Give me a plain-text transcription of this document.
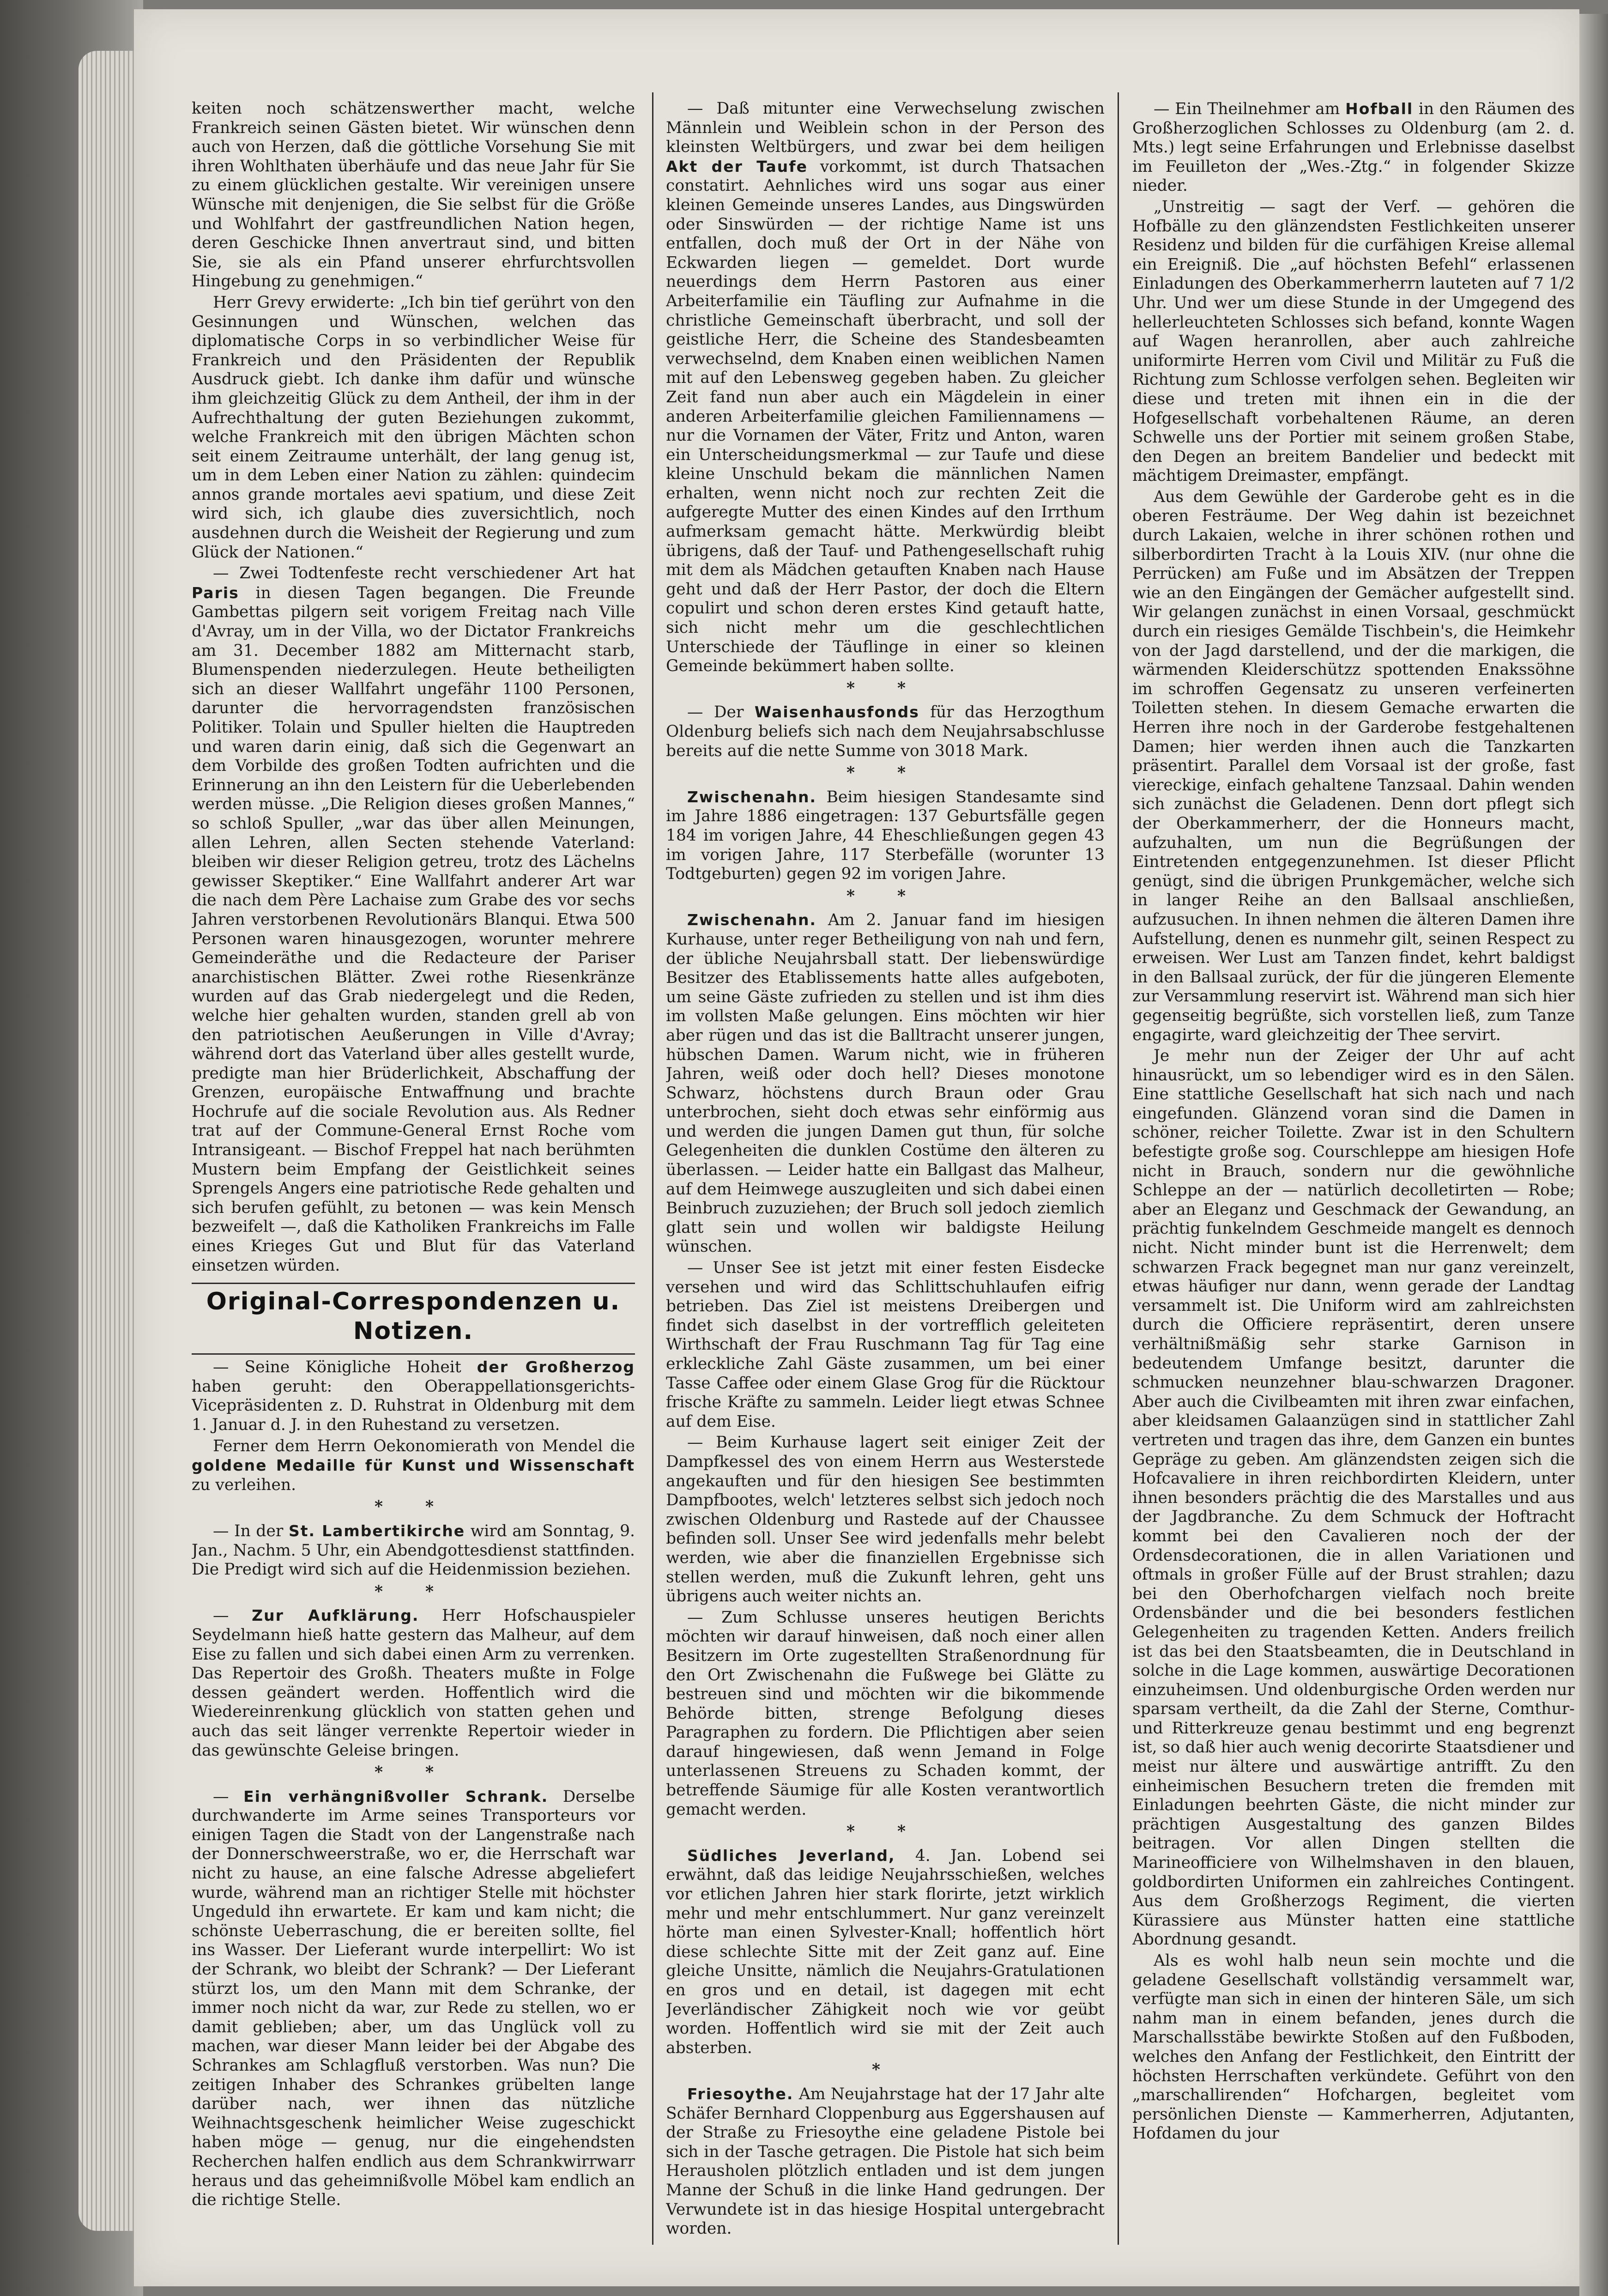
keiten noch schätzenswerther macht, welche Frankreich seinen Gästen bietet. Wir wünschen denn auch von Herzen, daß die göttliche Vorsehung Sie mit ihren Wohlthaten überhäufe und das neue Jahr für Sie zu einem glücklichen gestalte. Wir vereinigen unsere Wünsche mit denjenigen, die Sie selbst für die Größe und Wohlfahrt der gastfreundlichen Nation hegen, deren Geschicke Ihnen anvertraut sind, und bitten Sie, sie als ein Pfand unserer ehrfurchtsvollen Hingebung zu genehmigen.“

Herr Grevy erwiderte: „Ich bin tief gerührt von den Gesinnungen und Wünschen, welchen das diplomatische Corps in so verbindlicher Weise für Frankreich und den Präsidenten der Republik Ausdruck giebt. Ich danke ihm dafür und wünsche ihm gleichzeitig Glück zu dem Antheil, der ihm in der Aufrechthaltung der guten Beziehungen zukommt, welche Frankreich mit den übrigen Mächten schon seit einem Zeitraume unterhält, der lang genug ist, um in dem Leben einer Nation zu zählen: quindecim annos grande mortales aevi spatium, und diese Zeit wird sich, ich glaube dies zuversichtlich, noch ausdehnen durch die Weisheit der Regierung und zum Glück der Nationen.“

— Zwei Todtenfeste recht verschiedener Art hat Paris in diesen Tagen begangen. Die Freunde Gambettas pilgern seit vorigem Freitag nach Ville d'Avray, um in der Villa, wo der Dictator Frankreichs am 31. December 1882 am Mitternacht starb, Blumenspenden niederzulegen. Heute betheiligten sich an dieser Wallfahrt ungefähr 1100 Personen, darunter die hervorragendsten französischen Politiker. Tolain und Spuller hielten die Hauptreden und waren darin einig, daß sich die Gegenwart an dem Vorbilde des großen Todten aufrichten und die Erinnerung an ihn den Leistern für die Ueberlebenden werden müsse. „Die Religion dieses großen Mannes,“ so schloß Spuller, „war das über allen Meinungen, allen Lehren, allen Secten stehende Vaterland: bleiben wir dieser Religion getreu, trotz des Lächelns gewisser Skeptiker.“ Eine Wallfahrt anderer Art war die nach dem Père Lachaise zum Grabe des vor sechs Jahren verstorbenen Revolutionärs Blanqui. Etwa 500 Personen waren hinausgezogen, worunter mehrere Gemeinderäthe und die Redacteure der Pariser anarchistischen Blätter. Zwei rothe Riesenkränze wurden auf das Grab niedergelegt und die Reden, welche hier gehalten wurden, standen grell ab von den patriotischen Aeußerungen in Ville d'Avray; während dort das Vaterland über alles gestellt wurde, predigte man hier Brüderlichkeit, Abschaffung der Grenzen, europäische Entwaffnung und brachte Hochrufe auf die sociale Revolution aus. Als Redner trat auf der Commune-General Ernst Roche vom Intransigeant. — Bischof Freppel hat nach berühmten Mustern beim Empfang der Geistlichkeit seines Sprengels Angers eine patriotische Rede gehalten und sich berufen gefühlt, zu betonen — was kein Mensch bezweifelt —, daß die Katholiken Frankreichs im Falle eines Krieges Gut und Blut für das Vaterland einsetzen würden.

Original-Correspondenzen u. Notizen.

— Seine Königliche Hoheit der Großherzog haben geruht: den Oberappellationsgerichts-Vicepräsidenten z. D. Ruhstrat in Oldenburg mit dem 1. Januar d. J. in den Ruhestand zu versetzen.

Ferner dem Herrn Oekonomierath von Mendel die goldene Medaille für Kunst und Wissenschaft zu verleihen.

* *

— In der St. Lambertikirche wird am Sonntag, 9. Jan., Nachm. 5 Uhr, ein Abendgottesdienst stattfinden. Die Predigt wird sich auf die Heidenmission beziehen.

* *

— Zur Aufklärung. Herr Hofschauspieler Seydelmann hieß hatte gestern das Malheur, auf dem Eise zu fallen und sich dabei einen Arm zu verrenken. Das Repertoir des Großh. Theaters mußte in Folge dessen geändert werden. Hoffentlich wird die Wiedereinrenkung glücklich von statten gehen und auch das seit länger verrenkte Repertoir wieder in das gewünschte Geleise bringen.

* *

— Ein verhängnißvoller Schrank. Derselbe durchwanderte im Arme seines Transporteurs vor einigen Tagen die Stadt von der Langenstraße nach der Donnerschweerstraße, wo er, die Herrschaft war nicht zu hause, an eine falsche Adresse abgeliefert wurde, während man an richtiger Stelle mit höchster Ungeduld ihn erwartete. Er kam und kam nicht; die schönste Ueberraschung, die er bereiten sollte, fiel ins Wasser. Der Lieferant wurde interpellirt: Wo ist der Schrank, wo bleibt der Schrank? — Der Lieferant stürzt los, um den Mann mit dem Schranke, der immer noch nicht da war, zur Rede zu stellen, wo er damit geblieben; aber, um das Unglück voll zu machen, war dieser Mann leider bei der Abgabe des Schrankes am Schlagfluß verstorben. Was nun? Die zeitigen Inhaber des Schrankes grübelten lange darüber nach, wer ihnen das nützliche Weihnachtsgeschenk heimlicher Weise zugeschickt haben möge — genug, nur die eingehendsten Recherchen halfen endlich aus dem Schrankwirrwarr heraus und das geheimnißvolle Möbel kam endlich an die richtige Stelle.

— Daß mitunter eine Verwechselung zwischen Männlein und Weiblein schon in der Person des kleinsten Weltbürgers, und zwar bei dem heiligen Akt der Taufe vorkommt, ist durch Thatsachen constatirt. Aehnliches wird uns sogar aus einer kleinen Gemeinde unseres Landes, aus Dingswürden oder Sinswürden — der richtige Name ist uns entfallen, doch muß der Ort in der Nähe von Eckwarden liegen — gemeldet. Dort wurde neuerdings dem Herrn Pastoren aus einer Arbeiterfamilie ein Täufling zur Aufnahme in die christliche Gemeinschaft überbracht, und soll der geistliche Herr, die Scheine des Standesbeamten verwechselnd, dem Knaben einen weiblichen Namen mit auf den Lebensweg gegeben haben. Zu gleicher Zeit fand nun aber auch ein Mägdelein in einer anderen Arbeiterfamilie gleichen Familiennamens — nur die Vornamen der Väter, Fritz und Anton, waren ein Unterscheidungsmerkmal — zur Taufe und diese kleine Unschuld bekam die männlichen Namen erhalten, wenn nicht noch zur rechten Zeit die aufgeregte Mutter des einen Kindes auf den Irrthum aufmerksam gemacht hätte. Merkwürdig bleibt übrigens, daß der Tauf- und Pathengesellschaft ruhig mit dem als Mädchen getauften Knaben nach Hause geht und daß der Herr Pastor, der doch die Eltern copulirt und schon deren erstes Kind getauft hatte, sich nicht mehr um die geschlechtlichen Unterschiede der Täuflinge in einer so kleinen Gemeinde bekümmert haben sollte.

* *

— Der Waisenhausfonds für das Herzogthum Oldenburg beliefs sich nach dem Neujahrsabschlusse bereits auf die nette Summe von 3018 Mark.

* *

Zwischenahn. Beim hiesigen Standesamte sind im Jahre 1886 eingetragen: 137 Geburtsfälle gegen 184 im vorigen Jahre, 44 Eheschließungen gegen 43 im vorigen Jahre, 117 Sterbefälle (worunter 13 Todtgeburten) gegen 92 im vorigen Jahre.

* *

Zwischenahn. Am 2. Januar fand im hiesigen Kurhause, unter reger Betheiligung von nah und fern, der übliche Neujahrsball statt. Der liebenswürdige Besitzer des Etablissements hatte alles aufgeboten, um seine Gäste zufrieden zu stellen und ist ihm dies im vollsten Maße gelungen. Eins möchten wir hier aber rügen und das ist die Balltracht unserer jungen, hübschen Damen. Warum nicht, wie in früheren Jahren, weiß oder doch hell? Dieses monotone Schwarz, höchstens durch Braun oder Grau unterbrochen, sieht doch etwas sehr einförmig aus und werden die jungen Damen gut thun, für solche Gelegenheiten die dunklen Costüme den älteren zu überlassen. — Leider hatte ein Ballgast das Malheur, auf dem Heimwege auszugleiten und sich dabei einen Beinbruch zuzuziehen; der Bruch soll jedoch ziemlich glatt sein und wollen wir baldigste Heilung wünschen.

— Unser See ist jetzt mit einer festen Eisdecke versehen und wird das Schlittschuhlaufen eifrig betrieben. Das Ziel ist meistens Dreibergen und findet sich daselbst in der vortrefflich geleiteten Wirthschaft der Frau Ruschmann Tag für Tag eine erkleckliche Zahl Gäste zusammen, um bei einer Tasse Caffee oder einem Glase Grog für die Rücktour frische Kräfte zu sammeln. Leider liegt etwas Schnee auf dem Eise.

— Beim Kurhause lagert seit einiger Zeit der Dampfkessel des von einem Herrn aus Westerstede angekauften und für den hiesigen See bestimmten Dampfbootes, welch' letzteres selbst sich jedoch noch zwischen Oldenburg und Rastede auf der Chaussee befinden soll. Unser See wird jedenfalls mehr belebt werden, wie aber die finanziellen Ergebnisse sich stellen werden, muß die Zukunft lehren, geht uns übrigens auch weiter nichts an.

— Zum Schlusse unseres heutigen Berichts möchten wir darauf hinweisen, daß noch einer allen Besitzern im Orte zugestellten Straßenordnung für den Ort Zwischenahn die Fußwege bei Glätte zu bestreuen sind und möchten wir die bikommende Behörde bitten, strenge Befolgung dieses Paragraphen zu fordern. Die Pflichtigen aber seien darauf hingewiesen, daß wenn Jemand in Folge unterlassenen Streuens zu Schaden kommt, der betreffende Säumige für alle Kosten verantwortlich gemacht werden.

* *

Südliches Jeverland, 4. Jan. Lobend sei erwähnt, daß das leidige Neujahrsschießen, welches vor etlichen Jahren hier stark florirte, jetzt wirklich mehr und mehr entschlummert. Nur ganz vereinzelt hörte man einen Sylvester-Knall; hoffentlich hört diese schlechte Sitte mit der Zeit ganz auf. Eine gleiche Unsitte, nämlich die Neujahrs-Gratulationen en gros und en detail, ist dagegen mit echt Jeverländischer Zähigkeit noch wie vor geübt worden. Hoffentlich wird sie mit der Zeit auch absterben.

*

Friesoythe. Am Neujahrstage hat der 17 Jahr alte Schäfer Bernhard Cloppenburg aus Eggershausen auf der Straße zu Friesoythe eine geladene Pistole bei sich in der Tasche getragen. Die Pistole hat sich beim Herausholen plötzlich entladen und ist dem jungen Manne der Schuß in die linke Hand gedrungen. Der Verwundete ist in das hiesige Hospital untergebracht worden.

— Ein Theilnehmer am Hofball in den Räumen des Großherzoglichen Schlosses zu Oldenburg (am 2. d. Mts.) legt seine Erfahrungen und Erlebnisse daselbst im Feuilleton der „Wes.-Ztg.“ in folgender Skizze nieder.

„Unstreitig — sagt der Verf. — gehören die Hofbälle zu den glänzendsten Festlichkeiten unserer Residenz und bilden für die curfähigen Kreise allemal ein Ereigniß. Die „auf höchsten Befehl“ erlassenen Einladungen des Oberkammerherrn lauteten auf 7 1/2 Uhr. Und wer um diese Stunde in der Umgegend des hellerleuchteten Schlosses sich befand, konnte Wagen auf Wagen heranrollen, aber auch zahlreiche uniformirte Herren vom Civil und Militär zu Fuß die Richtung zum Schlosse verfolgen sehen. Begleiten wir diese und treten mit ihnen ein in die der Hofgesellschaft vorbehaltenen Räume, an deren Schwelle uns der Portier mit seinem großen Stabe, den Degen an breitem Bandelier und bedeckt mit mächtigem Dreimaster, empfängt.

Aus dem Gewühle der Garderobe geht es in die oberen Festräume. Der Weg dahin ist bezeichnet durch Lakaien, welche in ihrer schönen rothen und silberbordirten Tracht à la Louis XIV. (nur ohne die Perrücken) am Fuße und im Absätzen der Treppen wie an den Eingängen der Gemächer aufgestellt sind. Wir gelangen zunächst in einen Vorsaal, geschmückt durch ein riesiges Gemälde Tischbein's, die Heimkehr von der Jagd darstellend, und der die markigen, die wärmenden Kleiderschützz spottenden Enakssöhne im schroffen Gegensatz zu unseren verfeinerten Toiletten stehen. In diesem Gemache erwarten die Herren ihre noch in der Garderobe festgehaltenen Damen; hier werden ihnen auch die Tanzkarten präsentirt. Parallel dem Vorsaal ist der große, fast viereckige, einfach gehaltene Tanzsaal. Dahin wenden sich zunächst die Geladenen. Denn dort pflegt sich der Oberkammerherr, der die Honneurs macht, aufzuhalten, um nun die Begrüßungen der Eintretenden entgegenzunehmen. Ist dieser Pflicht genügt, sind die übrigen Prunkgemächer, welche sich in langer Reihe an den Ballsaal anschließen, aufzusuchen. In ihnen nehmen die älteren Damen ihre Aufstellung, denen es nunmehr gilt, seinen Respect zu erweisen. Wer Lust am Tanzen findet, kehrt baldigst in den Ballsaal zurück, der für die jüngeren Elemente zur Versammlung reservirt ist. Während man sich hier gegenseitig begrüßte, sich vorstellen ließ, zum Tanze engagirte, ward gleichzeitig der Thee servirt.

Je mehr nun der Zeiger der Uhr auf acht hinausrückt, um so lebendiger wird es in den Sälen. Eine stattliche Gesellschaft hat sich nach und nach eingefunden. Glänzend voran sind die Damen in schöner, reicher Toilette. Zwar ist in den Schultern befestigte große sog. Courschleppe am hiesigen Hofe nicht in Brauch, sondern nur die gewöhnliche Schleppe an der — natürlich decolletirten — Robe; aber an Eleganz und Geschmack der Gewandung, an prächtig funkelndem Geschmeide mangelt es dennoch nicht. Nicht minder bunt ist die Herrenwelt; dem schwarzen Frack begegnet man nur ganz vereinzelt, etwas häufiger nur dann, wenn gerade der Landtag versammelt ist. Die Uniform wird am zahlreichsten durch die Officiere repräsentirt, deren unsere verhältnißmäßig sehr starke Garnison in bedeutendem Umfange besitzt, darunter die schmucken neunzehner blau-schwarzen Dragoner. Aber auch die Civilbeamten mit ihren zwar einfachen, aber kleidsamen Galaanzügen sind in stattlicher Zahl vertreten und tragen das ihre, dem Ganzen ein buntes Gepräge zu geben. Am glänzendsten zeigen sich die Hofcavaliere in ihren reichbordirten Kleidern, unter ihnen besonders prächtig die des Marstalles und aus der Jagdbranche. Zu dem Schmuck der Hoftracht kommt bei den Cavalieren noch der der Ordensdecorationen, die in allen Variationen und oftmals in großer Fülle auf der Brust strahlen; dazu bei den Oberhofchargen vielfach noch breite Ordensbänder und die bei besonders festlichen Gelegenheiten zu tragenden Ketten. Anders freilich ist das bei den Staatsbeamten, die in Deutschland in solche in die Lage kommen, auswärtige Decorationen einzuheimsen. Und oldenburgische Orden werden nur sparsam vertheilt, da die Zahl der Sterne, Comthur- und Ritterkreuze genau bestimmt und eng begrenzt ist, so daß hier auch wenig decorirte Staatsdiener und meist nur ältere und auswärtige antrifft. Zu den einheimischen Besuchern treten die fremden mit Einladungen beehrten Gäste, die nicht minder zur prächtigen Ausgestaltung des ganzen Bildes beitragen. Vor allen Dingen stellten die Marineofficiere von Wilhelmshaven in den blauen, goldbordirten Uniformen ein zahlreiches Contingent. Aus dem Großherzogs Regiment, die vierten Kürassiere aus Münster hatten eine stattliche Abordnung gesandt.

Als es wohl halb neun sein mochte und die geladene Gesellschaft vollständig versammelt war, verfügte man sich in einen der hinteren Säle, um sich nahm man in einem befanden, jenes durch die Marschallsstäbe bewirkte Stoßen auf den Fußboden, welches den Anfang der Festlichkeit, den Eintritt der höchsten Herrschaften verkündete. Geführt von den „marschallirenden“ Hofchargen, begleitet vom persönlichen Dienste — Kammerherren, Adjutanten, Hofdamen du jour
